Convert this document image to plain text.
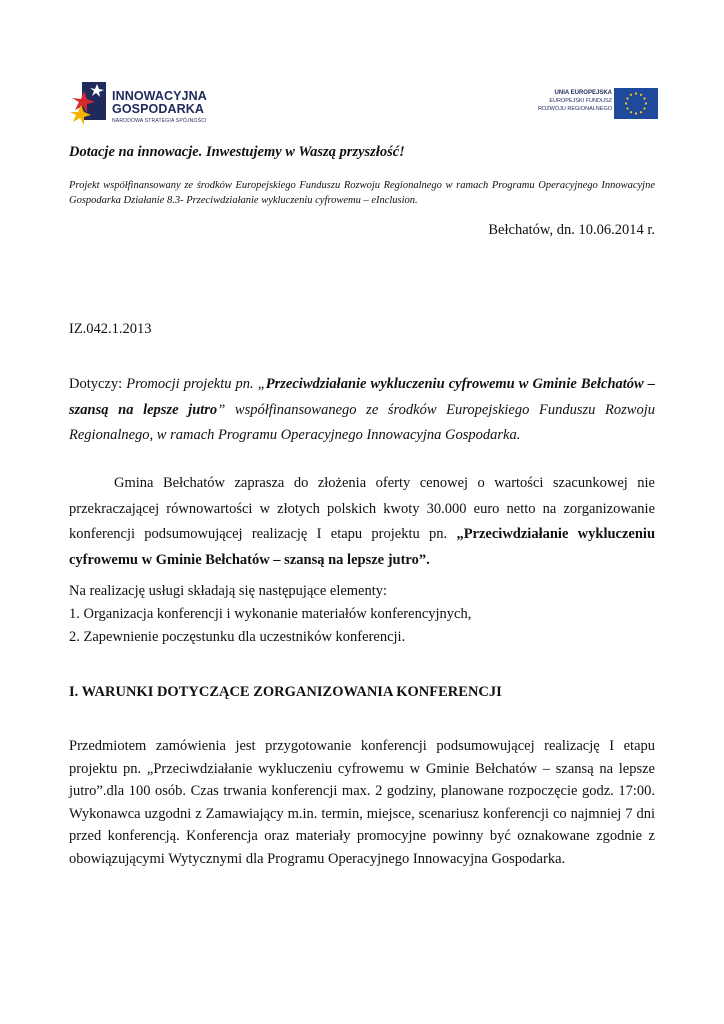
INNOWACYJNA
GOSPODARKA
NARODOWA STRATEGIA SPÓJNOŚCI
UNIA EUROPEJSKA
EUROPEJSKI FUNDUSZ
ROZWOJU REGIONALNEGO
Dotacje na innowacje. Inwestujemy w Waszą przyszłość!
Projekt współfinansowany ze środków Europejskiego Funduszu Rozwoju Regionalnego w ramach Programu Operacyjnego Innowacyjne Gospodarka Działanie 8.3- Przeciwdziałanie wykluczeniu cyfrowemu – eInclusion.
Bełchatów, dn. 10.06.2014 r.
IZ.042.1.2013
Dotyczy: Promocji projektu pn. „Przeciwdziałanie wykluczeniu cyfrowemu w Gminie Bełchatów – szansą na lepsze jutro” współfinansowanego ze środków Europejskiego Funduszu Rozwoju Regionalnego, w ramach Programu Operacyjnego Innowacyjna Gospodarka.
Gmina Bełchatów zaprasza do złożenia oferty cenowej o wartości szacunkowej nie przekraczającej równowartości w złotych polskich kwoty 30.000 euro netto na zorganizowanie konferencji podsumowującej realizację I etapu projektu pn. „Przeciwdziałanie wykluczeniu cyfrowemu w Gminie Bełchatów – szansą na lepsze jutro”.
Na realizację usługi składają się następujące elementy:
1. Organizacja konferencji i wykonanie materiałów konferencyjnych,
2. Zapewnienie poczęstunku dla uczestników konferencji.
I. WARUNKI DOTYCZĄCE ZORGANIZOWANIA KONFERENCJI
Przedmiotem zamówienia jest przygotowanie konferencji podsumowującej realizację I etapu projektu pn. „Przeciwdziałanie wykluczeniu cyfrowemu w Gminie Bełchatów – szansą na lepsze jutro”.dla 100 osób. Czas trwania konferencji max. 2 godziny, planowane rozpoczęcie godz. 17:00. Wykonawca uzgodni z Zamawiający m.in. termin, miejsce, scenariusz konferencji co najmniej 7 dni przed konferencją. Konferencja oraz materiały promocyjne powinny być oznakowane zgodnie z obowiązującymi Wytycznymi dla Programu Operacyjnego Innowacyjna Gospodarka.
